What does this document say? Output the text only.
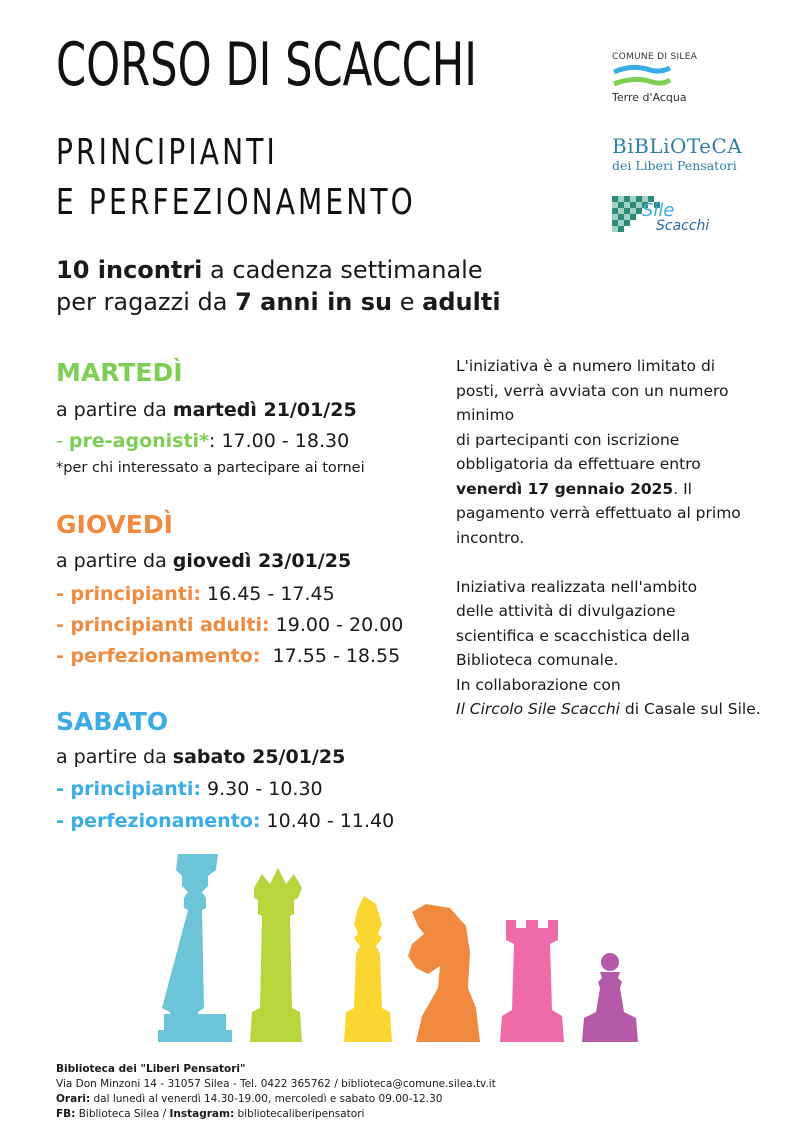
CORSO DI SCACCHI
PRINCIPIANTI
E PERFEZIONAMENTO
COMUNE DI SILEA
Terre d'Acqua
BiBLiOTeCA
dei Liberi Pensatori
Sile
Scacchi
10 incontri a cadenza settimanale
per ragazzi da 7 anni in su e adulti
MARTEDÌ
a partire da martedì 21/01/25
- pre-agonisti*: 17.00 - 18.30
*per chi interessato a partecipare ai tornei
GIOVEDÌ
a partire da giovedì 23/01/25
- principianti: 16.45 - 17.45
- principianti adulti: 19.00 - 20.00
- perfezionamento:  17.55 - 18.55
SABATO
a partire da sabato 25/01/25
- principianti: 9.30 - 10.30
- perfezionamento: 10.40 - 11.40

L'iniziativa è a numero limitato di

posti, verrà avviata con un numero

minimo

di partecipanti con iscrizione

obbligatoria da effettuare entro

venerdì 17 gennaio 2025. Il

pagamento verrà effettuato al primo

incontro.

Iniziativa realizzata nell'ambito

delle attività di divulgazione

scientifica e scacchistica della

Biblioteca comunale.

In collaborazione con

Il Circolo Sile Scacchi di Casale sul Sile.

Biblioteca dei "Liberi Pensatori"
Via Don Minzoni 14 - 31057 Silea - Tel. 0422 365762 / biblioteca@comune.silea.tv.it
Orari: dal lunedì al venerdì 14.30-19.00, mercoledì e sabato 09.00-12.30
FB: Biblioteca Silea / Instagram: bibliotecaliberipensatori
